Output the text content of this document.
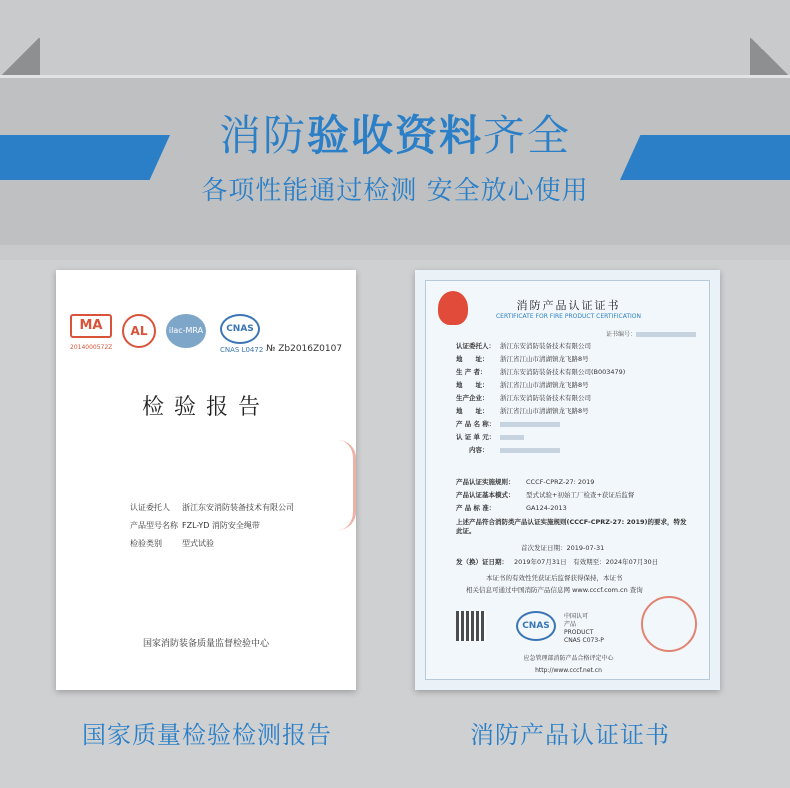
消防验收资料齐全
各项性能通过检测 安全放心使用
MA	AL	ilac-MRA	CNAS
2014000572Z	CNAS L0472 № Zb2016Z0107
检验报告
认证委托人 浙江东安消防装备技术有限公司
产品型号名称 FZL-YD 消防安全绳带
检验类别	型式试验
国家消防装备质量监督检验中心
消防产品认证证书
CERTIFICATE FOR FIRE PRODUCT CERTIFICATION
证书编号：
认证委托人： 浙江东安消防装备技术有限公司
地　　址： 浙江省江山市清湖镇龙飞路8号
生 产 者： 浙江东安消防装备技术有限公司(B003479)
地　　址： 浙江省江山市清湖镇龙飞路8号
生产企业： 浙江东安消防装备技术有限公司
地　　址： 浙江省江山市清湖镇龙飞路8号
产 品 名 称：
认 证 单 元：
　　内容：
产品认证实施规则： CCCF-CPRZ-27: 2019
产品认证基本模式： 型式试验+初始工厂检查+获证后监督
产 品 标 准：	GA124-2013
上述产品符合消防类产品认证实施规则(CCCF-CPRZ-27: 2019)的要求，特发此证。
首次发证日期：2019-07-31
发（换）证日期： 2019年07月31日　有效期至：2024年07月30日
本证书的有效性凭获证后监督获得保持，本证书
相关信息可通过中国消防产品信息网 www.cccf.com.cn 查询
CNAS
中国认可
产品
PRODUCT
CNAS C073-P
应急管理部消防产品合格评定中心
http://www.cccf.net.cn
国家质量检验检测报告	消防产品认证证书
